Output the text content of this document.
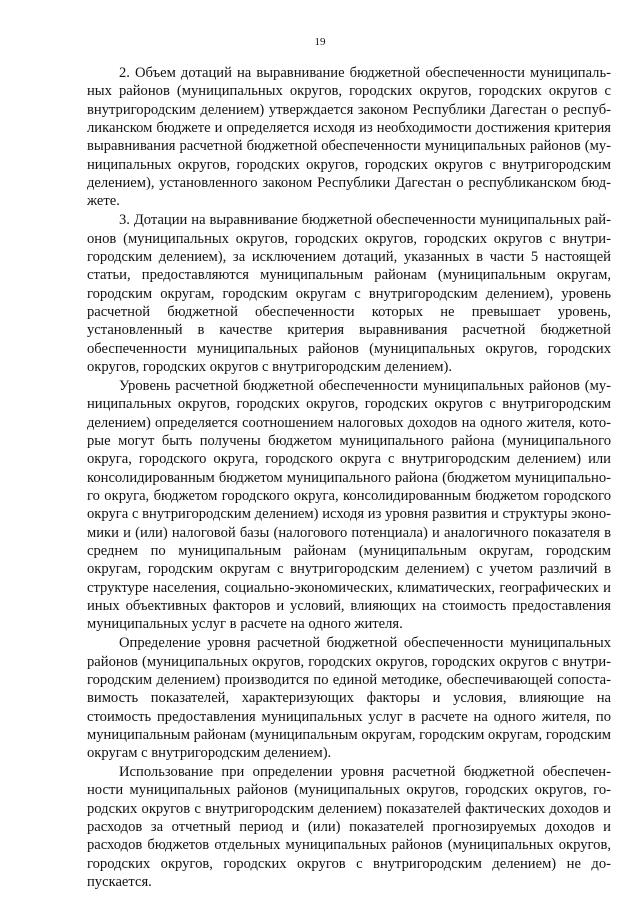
19

2. Объем дотаций на выравнивание бюджетной обеспеченности муниципальных районов (муниципальных округов, городских округов, городских округов с внутригородским делением) утверждается законом Республики Дагестан о республиканском бюджете и определяется исходя из необходимости достижения критерия выравнивания расчетной бюджетной обеспеченности муниципальных районов (муниципальных округов, городских округов, городских округов с внутригородским делением), установленного законом Республики Дагестан о республиканском бюджете.

3. Дотации на выравнивание бюджетной обеспеченности муниципальных районов (муниципальных округов, городских округов, городских округов с внутригородским делением), за исключением дотаций, указанных в части 5 настоящей статьи, предоставляются муниципальным районам (муниципальным округам, городским округам, городским округам с внутригородским делением), уровень расчетной бюджетной обеспеченности которых не превышает уровень, установленный в качестве критерия выравнивания расчетной бюджетной обеспеченности муниципальных районов (муниципальных округов, городских округов, городских округов с внутригородским делением).

Уровень расчетной бюджетной обеспеченности муниципальных районов (муниципальных округов, городских округов, городских округов с внутригородским делением) определяется соотношением налоговых доходов на одного жителя, которые могут быть получены бюджетом муниципального района (муниципального округа, городского округа, городского округа с внутригородским делением) или консолидированным бюджетом муниципального района (бюджетом муниципального округа, бюджетом городского округа, консолидированным бюджетом городского округа с внутригородским делением) исходя из уровня развития и структуры экономики и (или) налоговой базы (налогового потенциала) и аналогичного показателя в среднем по муниципальным районам (муниципальным округам, городским округам, городским округам с внутригородским делением) с учетом различий в структуре населения, социально-экономических, климатических, географических и иных объективных факторов и условий, влияющих на стоимость предоставления муниципальных услуг в расчете на одного жителя.

Определение уровня расчетной бюджетной обеспеченности муниципальных районов (муниципальных округов, городских округов, городских округов с внутригородским делением) производится по единой методике, обеспечивающей сопоставимость показателей, характеризующих факторы и условия, влияющие на стоимость предоставления муниципальных услуг в расчете на одного жителя, по муниципальным районам (муниципальным округам, городским округам, городским округам с внутригородским делением).

Использование при определении уровня расчетной бюджетной обеспеченности муниципальных районов (муниципальных округов, городских округов, городских округов с внутригородским делением) показателей фактических доходов и расходов за отчетный период и (или) показателей прогнозируемых доходов и расходов бюджетов отдельных муниципальных районов (муниципальных округов, городских округов, городских округов с внутригородским делением) не допускается.
